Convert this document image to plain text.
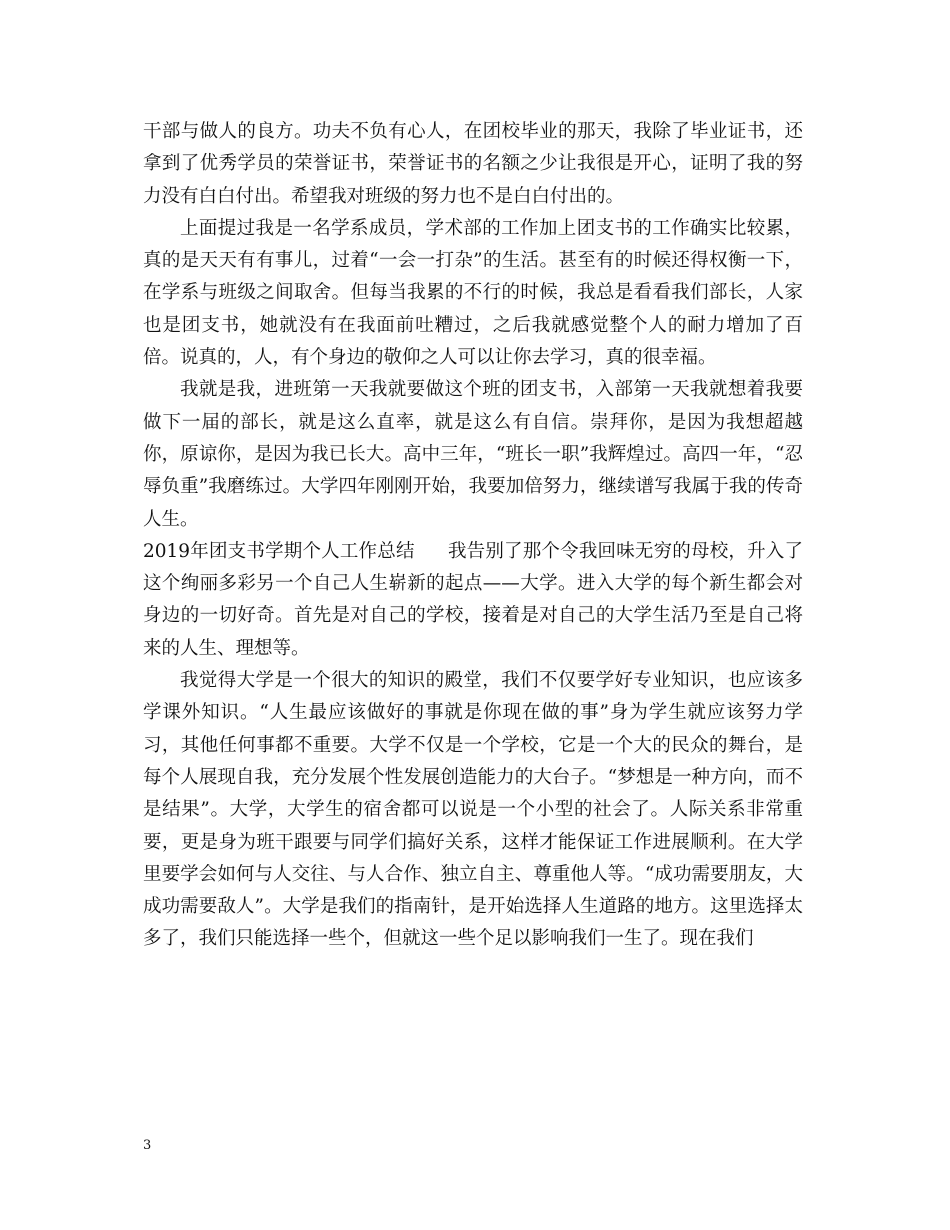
干部与做人的良方。功夫不负有心人，在团校毕业的那天，我除了毕业证书，还拿到了优秀学员的荣誉证书，荣誉证书的名额之少让我很是开心，证明了我的努力没有白白付出。希望我对班级的努力也不是白白付出的。

上面提过我是一名学系成员，学术部的工作加上团支书的工作确实比较累，真的是天天有有事儿，过着“一会一打杂”的生活。甚至有的时候还得权衡一下，在学系与班级之间取舍。但每当我累的不行的时候，我总是看看我们部长，人家也是团支书，她就没有在我面前吐糟过，之后我就感觉整个人的耐力增加了百倍。说真的，人，有个身边的敬仰之人可以让你去学习，真的很幸福。

我就是我，进班第一天我就要做这个班的团支书，入部第一天我就想着我要做下一届的部长，就是这么直率，就是这么有自信。崇拜你，是因为我想超越你，原谅你，是因为我已长大。高中三年，“班长一职”我辉煌过。高四一年，“忍辱负重”我磨练过。大学四年刚刚开始，我要加倍努力，继续谱写我属于我的传奇人生。

2019年团支书学期个人工作总结 我告别了那个令我回味无穷的母校，升入了这个绚丽多彩另一个自己人生崭新的起点——大学。进入大学的每个新生都会对身边的一切好奇。首先是对自己的学校，接着是对自己的大学生活乃至是自己将来的人生、理想等。

我觉得大学是一个很大的知识的殿堂，我们不仅要学好专业知识，也应该多学课外知识。“人生最应该做好的事就是你现在做的事”身为学生就应该努力学习，其他任何事都不重要。大学不仅是一个学校，它是一个大的民众的舞台，是每个人展现自我，充分发展个性发展创造能力的大台子。“梦想是一种方向，而不是结果”。大学，大学生的宿舍都可以说是一个小型的社会了。人际关系非常重要，更是身为班干跟要与同学们搞好关系，这样才能保证工作进展顺利。在大学里要学会如何与人交往、与人合作、独立自主、尊重他人等。“成功需要朋友，大成功需要敌人”。大学是我们的指南针，是开始选择人生道路的地方。这里选择太多了，我们只能选择一些个，但就这一些个足以影响我们一生了。现在我们

3
